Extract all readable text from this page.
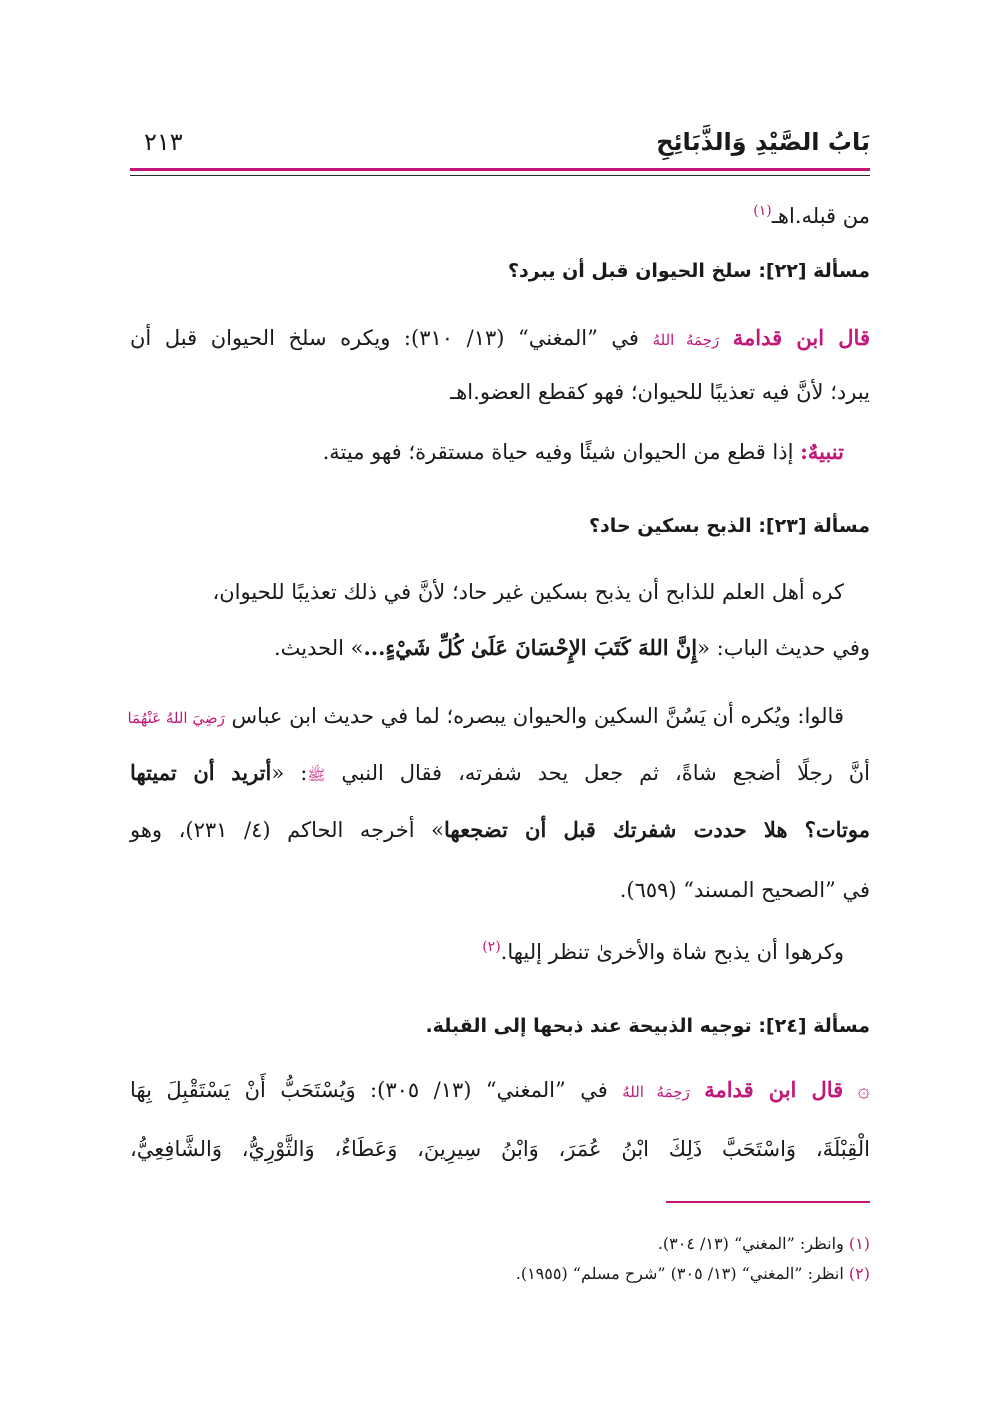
بَابُ الصَّيْدِ وَالذَّبَائِحِ
٢١٣
من قبله.اهـ$^{(١)}$
مسألة [٢٢]: سلخ الحيوان قبل أن يبرد؟
قال ابن قدامة رَحِمَهُ اللهُ في ”المغني“ (١٣/ ٣١٠): ويكره سلخ الحيوان قبل أن
يبرد؛ لأنَّ فيه تعذيبًا للحيوان؛ فهو كقطع العضو.اهـ
تنبيهٌ: إذا قطع من الحيوان شيئًا وفيه حياة مستقرة؛ فهو ميتة.
مسألة [٢٣]: الذبح بسكين حاد؟
كره أهل العلم للذابح أن يذبح بسكين غير حاد؛ لأنَّ في ذلك تعذيبًا للحيوان،
وفي حديث الباب: «إِنَّ اللهَ كَتَبَ الإِحْسَانَ عَلَىٰ كُلِّ شَيْءٍ...» الحديث.
قالوا: ويُكره أن يَسُنَّ السكين والحيوان يبصره؛ لما في حديث ابن عباس رَضِيَ اللهُ عَنْهُمَا
أنَّ رجلًا أضجع شاةً، ثم جعل يحد شفرته، فقال النبي ﷺ: «أتريد أن تميتها
موتات؟ هلا حددت شفرتك قبل أن تضجعها» أخرجه الحاكم (٤/ ٢٣١)، وهو
في ”الصحيح المسند“ (٦٥٩).
وكرهوا أن يذبح شاة والأخرىٰ تنظر إليها.$^{(٢)}$
مسألة [٢٤]: توجيه الذبيحة عند ذبحها إلى القبلة.
۞ قال ابن قدامة رَحِمَهُ اللهُ في ”المغني“ (١٣/ ٣٠٥): وَيُسْتَحَبُّ أَنْ يَسْتَقْبِلَ بِهَا
الْقِبْلَةَ، وَاسْتَحَبَّ ذَلِكَ ابْنُ عُمَرَ، وَابْنُ سِيرِينَ، وَعَطَاءٌ، وَالثَّوْرِيُّ، وَالشَّافِعِيُّ،
(١) وانظر: ”المغني“ (١٣/ ٣٠٤).
(٢) انظر: ”المغني“ (١٣/ ٣٠٥) ”شرح مسلم“ (١٩٥٥).
